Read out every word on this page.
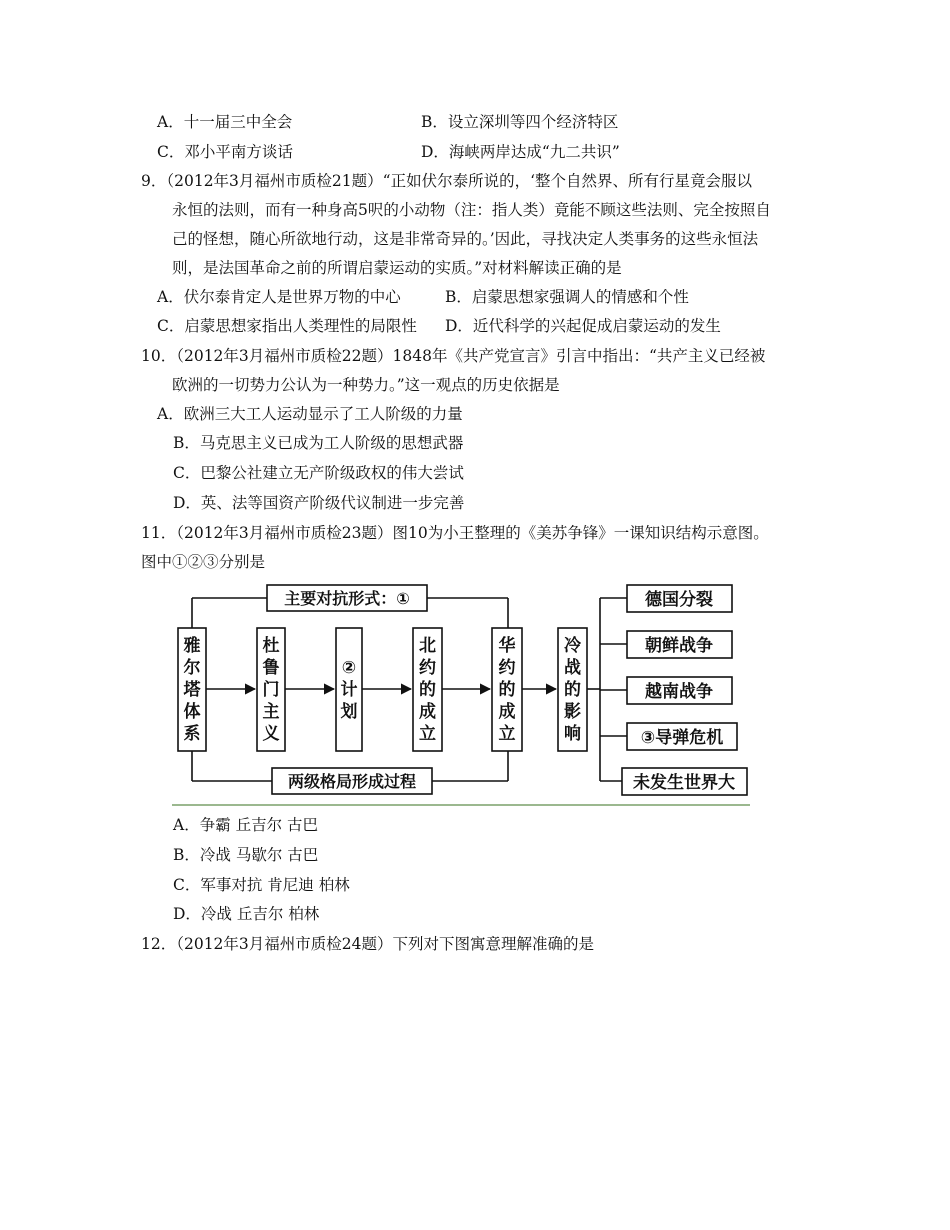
A．十一届三中全会	B．设立深圳等四个经济特区
C．邓小平南方谈话	D．海峡两岸达成“九二共识”
9．（2012年3月福州市质检21题）“正如伏尔泰所说的，‘整个自然界、所有行星竟会服以
永恒的法则，而有一种身高5呎的小动物（注：指人类）竟能不顾这些法则、完全按照自
己的怪想，随心所欲地行动，这是非常奇异的。’因此，寻找决定人类事务的这些永恒法
则，是法国革命之前的所谓启蒙运动的实质。”对材料解读正确的是
A．伏尔泰肯定人是世界万物的中心	B．启蒙思想家强调人的情感和个性
C．启蒙思想家指出人类理性的局限性 D．近代科学的兴起促成启蒙运动的发生
10．（2012年3月福州市质检22题）1848年《共产党宣言》引言中指出：“共产主义已经被
欧洲的一切势力公认为一种势力。”这一观点的历史依据是
A．欧洲三大工人运动显示了工人阶级的力量
B．马克思主义已成为工人阶级的思想武器
C．巴黎公社建立无产阶级政权的伟大尝试
D．英、法等国资产阶级代议制进一步完善
11．（2012年3月福州市质检23题）图10为小王整理的《美苏争锋》一课知识结构示意图。
图中①②③分别是
主要对抗形式：①
两级格局形成过程
雅尔塔体系
杜鲁门主义
② 计划
北约的成立
华约的成立
冷战的影响
德国分裂
朝鲜战争
越南战争
③导弹危机
未发生世界大
A．争霸 丘吉尔 古巴
B．冷战 马歇尔 古巴
C．军事对抗 肯尼迪 柏林
D．冷战 丘吉尔 柏林
12．（2012年3月福州市质检24题）下列对下图寓意理解准确的是
